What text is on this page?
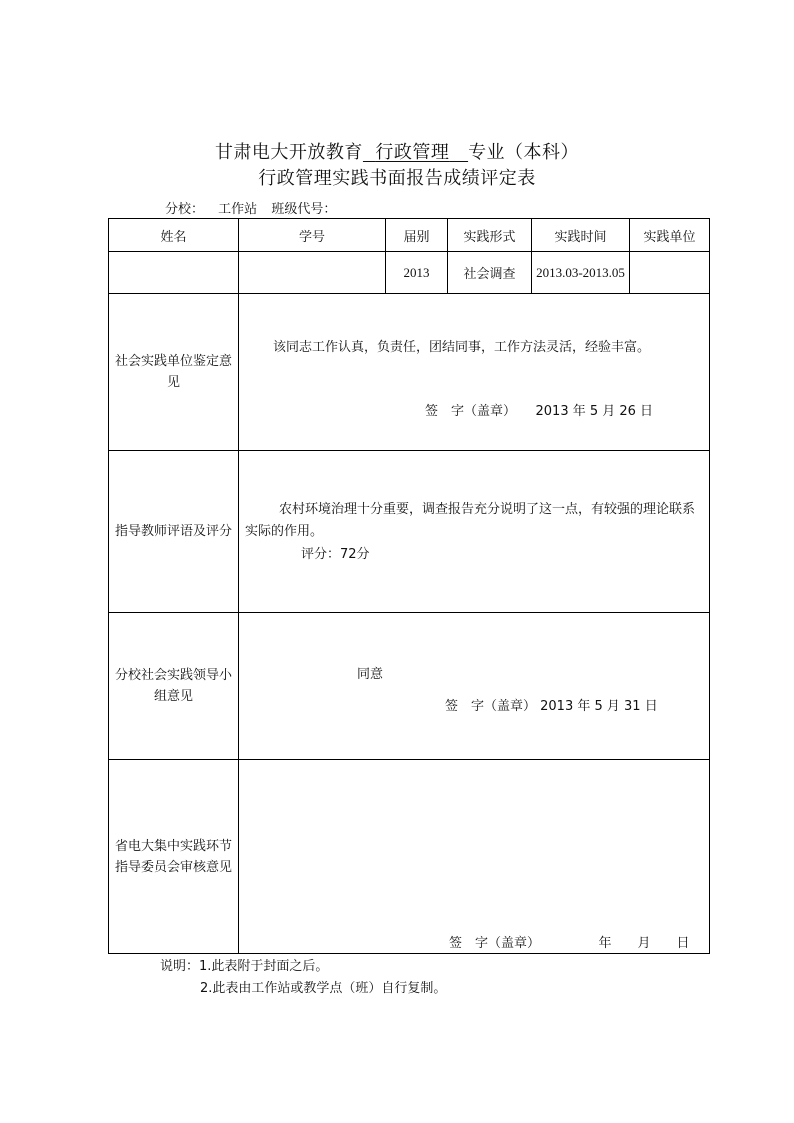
甘肃电大开放教育 行政管理 专业（本科）
行政管理实践书面报告成绩评定表
分校： 工作站 班级代号：
姓名	学号	届别	实践形式	实践时间	实践单位
		2013	社会调查	2013.03-2013.05	
社会实践单位鉴定意见	该同志工作认真，负责任，团结同事，工作方法灵活，经验丰富。
签　字（盖章）　　2013 年 5 月 26 日				

指导教师评语及评分	农村环境治理十分重要，调查报告充分说明了这一点，有较强的理论联系实际的作用。
评分：72分				

分校社会实践领导小组意见	同意
签　字（盖章） 2013 年 5 月 31 日				

省电大集中实践环节指导委员会审核意见	签　字（盖章）　　　　　年　　月　　日				
说明：1.此表附于封面之后。
2.此表由工作站或教学点（班）自行复制。
